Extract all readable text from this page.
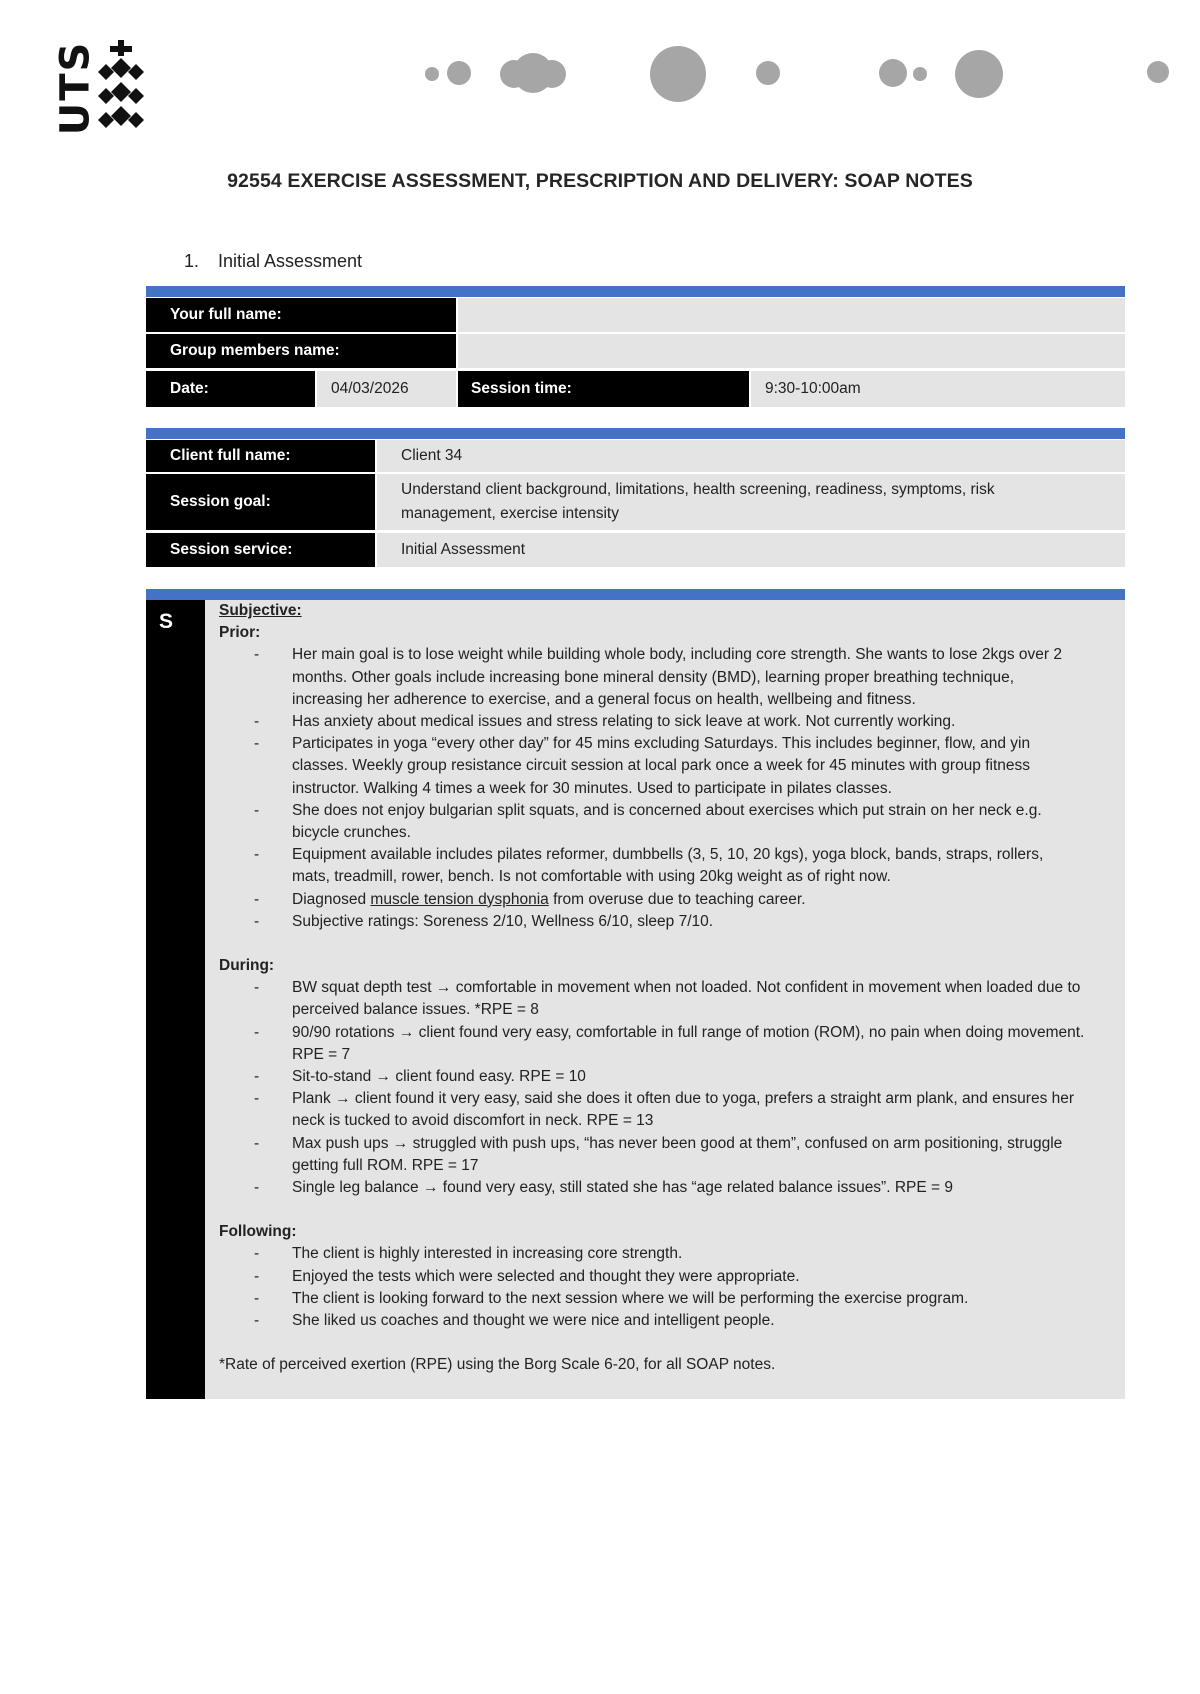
UTS
92554 EXERCISE ASSESSMENT, PRESCRIPTION AND DELIVERY: SOAP NOTES
1. Initial Assessment
Your full name:
Group members name:
Date:	04/03/2026	Session time:	9:30-10:00am
Client full name:	Client 34
Session goal:
Understand client background, limitations, health screening, readiness, symptoms, risk management, exercise intensity
Session service:	Initial Assessment
S	Subjective:
Prior:
- Her main goal is to lose weight while building whole body, including core strength. She wants to lose 2kgs over 2 months. Other goals include increasing bone mineral density (BMD), learning proper breathing technique, increasing her adherence to exercise, and a general focus on health, wellbeing and fitness.
- Has anxiety about medical issues and stress relating to sick leave at work. Not currently working.
- Participates in yoga “every other day” for 45 mins excluding Saturdays. This includes beginner, flow, and yin classes. Weekly group resistance circuit session at local park once a week for 45 minutes with group fitness instructor. Walking 4 times a week for 30 minutes. Used to participate in pilates classes.
- She does not enjoy bulgarian split squats, and is concerned about exercises which put strain on her neck e.g. bicycle crunches.
- Equipment available includes pilates reformer, dumbbells (3, 5, 10, 20 kgs), yoga block, bands, straps, rollers, mats, treadmill, rower, bench. Is not comfortable with using 20kg weight as of right now.
- Diagnosed muscle tension dysphonia from overuse due to teaching career.
- Subjective ratings: Soreness 2/10, Wellness 6/10, sleep 7/10.
During:
- BW squat depth test → comfortable in movement when not loaded. Not confident in movement when loaded due to perceived balance issues. *RPE = 8
- 90/90 rotations → client found very easy, comfortable in full range of motion (ROM), no pain when doing movement. RPE = 7
- Sit-to-stand → client found easy. RPE = 10
- Plank → client found it very easy, said she does it often due to yoga, prefers a straight arm plank, and ensures her neck is tucked to avoid discomfort in neck. RPE = 13
- Max push ups → struggled with push ups, “has never been good at them”, confused on arm positioning, struggle getting full ROM. RPE = 17
- Single leg balance → found very easy, still stated she has “age related balance issues”. RPE = 9
Following:
- The client is highly interested in increasing core strength.
- Enjoyed the tests which were selected and thought they were appropriate.
- The client is looking forward to the next session where we will be performing the exercise program.
- She liked us coaches and thought we were nice and intelligent people.
*Rate of perceived exertion (RPE) using the Borg Scale 6-20, for all SOAP notes.
